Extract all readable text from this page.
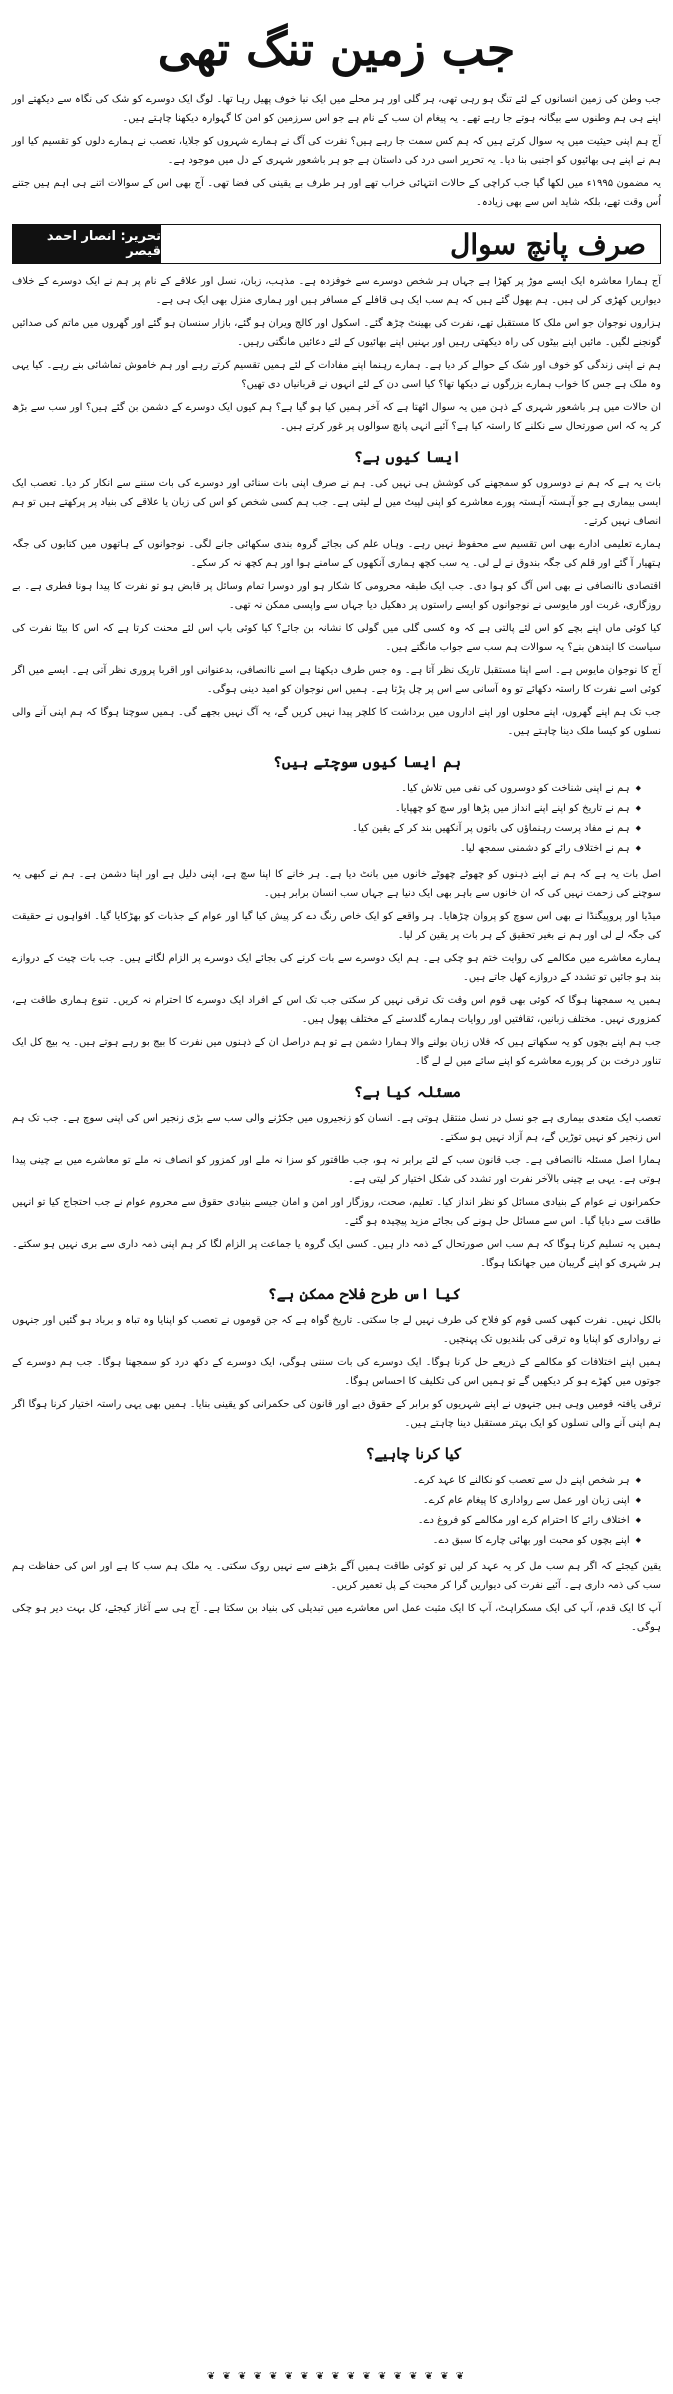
جب زمین تنگ تھی

جب وطن کی زمین انسانوں کے لئے تنگ ہو رہی تھی، ہر گلی اور ہر محلے میں ایک نیا خوف پھیل رہا تھا۔ لوگ ایک دوسرے کو شک کی نگاہ سے دیکھتے اور اپنے ہی ہم وطنوں سے بیگانہ ہوتے جا رہے تھے۔ یہ پیغام ان سب کے نام ہے جو اس سرزمین کو امن کا گہوارہ دیکھنا چاہتے ہیں۔

آج ہم اپنی حیثیت میں یہ سوال کرتے ہیں کہ ہم کس سمت جا رہے ہیں؟ نفرت کی آگ نے ہمارے شہروں کو جلایا، تعصب نے ہمارے دلوں کو تقسیم کیا اور ہم نے اپنے ہی بھائیوں کو اجنبی بنا دیا۔ یہ تحریر اسی درد کی داستان ہے جو ہر باشعور شہری کے دل میں موجود ہے۔

یہ مضمون ۱۹۹۵ء میں لکھا گیا جب کراچی کے حالات انتہائی خراب تھے اور ہر طرف بے یقینی کی فضا تھی۔ آج بھی اس کے سوالات اتنے ہی اہم ہیں جتنے اُس وقت تھے، بلکہ شاید اس سے بھی زیادہ۔

صرف پانچ سوال
تحریر: انصار احمد قیصر

آج ہمارا معاشرہ ایک ایسے موڑ پر کھڑا ہے جہاں ہر شخص دوسرے سے خوفزدہ ہے۔ مذہب، زبان، نسل اور علاقے کے نام پر ہم نے ایک دوسرے کے خلاف دیواریں کھڑی کر لی ہیں۔ ہم بھول گئے ہیں کہ ہم سب ایک ہی قافلے کے مسافر ہیں اور ہماری منزل بھی ایک ہی ہے۔

ہزاروں نوجوان جو اس ملک کا مستقبل تھے، نفرت کی بھینٹ چڑھ گئے۔ اسکول اور کالج ویران ہو گئے، بازار سنسان ہو گئے اور گھروں میں ماتم کی صدائیں گونجنے لگیں۔ مائیں اپنے بیٹوں کی راہ دیکھتی رہیں اور بہنیں اپنے بھائیوں کے لئے دعائیں مانگتی رہیں۔

ہم نے اپنی زندگی کو خوف اور شک کے حوالے کر دیا ہے۔ ہمارے رہنما اپنے مفادات کے لئے ہمیں تقسیم کرتے رہے اور ہم خاموش تماشائی بنے رہے۔ کیا یہی وہ ملک ہے جس کا خواب ہمارے بزرگوں نے دیکھا تھا؟ کیا اسی دن کے لئے انہوں نے قربانیاں دی تھیں؟

ان حالات میں ہر باشعور شہری کے ذہن میں یہ سوال اٹھتا ہے کہ آخر ہمیں کیا ہو گیا ہے؟ ہم کیوں ایک دوسرے کے دشمن بن گئے ہیں؟ اور سب سے بڑھ کر یہ کہ اس صورتحال سے نکلنے کا راستہ کیا ہے؟ آئیے انہی پانچ سوالوں پر غور کرتے ہیں۔

ایسا کیوں ہے؟

بات یہ ہے کہ ہم نے دوسروں کو سمجھنے کی کوشش ہی نہیں کی۔ ہم نے صرف اپنی بات سنائی اور دوسرے کی بات سننے سے انکار کر دیا۔ تعصب ایک ایسی بیماری ہے جو آہستہ آہستہ پورے معاشرے کو اپنی لپیٹ میں لے لیتی ہے۔ جب ہم کسی شخص کو اس کی زبان یا علاقے کی بنیاد پر پرکھتے ہیں تو ہم انصاف نہیں کرتے۔

ہمارے تعلیمی ادارے بھی اس تقسیم سے محفوظ نہیں رہے۔ وہاں علم کی بجائے گروہ بندی سکھائی جانے لگی۔ نوجوانوں کے ہاتھوں میں کتابوں کی جگہ ہتھیار آ گئے اور قلم کی جگہ بندوق نے لے لی۔ یہ سب کچھ ہماری آنکھوں کے سامنے ہوا اور ہم کچھ نہ کر سکے۔

اقتصادی ناانصافی نے بھی اس آگ کو ہوا دی۔ جب ایک طبقہ محرومی کا شکار ہو اور دوسرا تمام وسائل پر قابض ہو تو نفرت کا پیدا ہونا فطری ہے۔ بے روزگاری، غربت اور مایوسی نے نوجوانوں کو ایسے راستوں پر دھکیل دیا جہاں سے واپسی ممکن نہ تھی۔

کیا کوئی ماں اپنے بچے کو اس لئے پالتی ہے کہ وہ کسی گلی میں گولی کا نشانہ بن جائے؟ کیا کوئی باپ اس لئے محنت کرتا ہے کہ اس کا بیٹا نفرت کی سیاست کا ایندھن بنے؟ یہ سوالات ہم سب سے جواب مانگتے ہیں۔

آج کا نوجوان مایوس ہے۔ اسے اپنا مستقبل تاریک نظر آتا ہے۔ وہ جس طرف دیکھتا ہے اسے ناانصافی، بدعنوانی اور اقربا پروری نظر آتی ہے۔ ایسے میں اگر کوئی اسے نفرت کا راستہ دکھائے تو وہ آسانی سے اس پر چل پڑتا ہے۔ ہمیں اس نوجوان کو امید دینی ہوگی۔

جب تک ہم اپنے گھروں، اپنے محلوں اور اپنے اداروں میں برداشت کا کلچر پیدا نہیں کریں گے، یہ آگ نہیں بجھے گی۔ ہمیں سوچنا ہوگا کہ ہم اپنی آنے والی نسلوں کو کیسا ملک دینا چاہتے ہیں۔

ہم ایسا کیوں سوچتے ہیں؟
◆ ہم نے اپنی شناخت کو دوسروں کی نفی میں تلاش کیا۔
◆ ہم نے تاریخ کو اپنے اپنے انداز میں پڑھا اور سچ کو چھپایا۔
◆ ہم نے مفاد پرست رہنماؤں کی باتوں پر آنکھیں بند کر کے یقین کیا۔
◆ ہم نے اختلاف رائے کو دشمنی سمجھ لیا۔

اصل بات یہ ہے کہ ہم نے اپنے ذہنوں کو چھوٹے چھوٹے خانوں میں بانٹ دیا ہے۔ ہر خانے کا اپنا سچ ہے، اپنی دلیل ہے اور اپنا دشمن ہے۔ ہم نے کبھی یہ سوچنے کی زحمت نہیں کی کہ ان خانوں سے باہر بھی ایک دنیا ہے جہاں سب انسان برابر ہیں۔

میڈیا اور پروپیگنڈا نے بھی اس سوچ کو پروان چڑھایا۔ ہر واقعے کو ایک خاص رنگ دے کر پیش کیا گیا اور عوام کے جذبات کو بھڑکایا گیا۔ افواہوں نے حقیقت کی جگہ لے لی اور ہم نے بغیر تحقیق کے ہر بات پر یقین کر لیا۔

ہمارے معاشرے میں مکالمے کی روایت ختم ہو چکی ہے۔ ہم ایک دوسرے سے بات کرنے کی بجائے ایک دوسرے پر الزام لگاتے ہیں۔ جب بات چیت کے دروازے بند ہو جائیں تو تشدد کے دروازے کھل جاتے ہیں۔

ہمیں یہ سمجھنا ہوگا کہ کوئی بھی قوم اس وقت تک ترقی نہیں کر سکتی جب تک اس کے افراد ایک دوسرے کا احترام نہ کریں۔ تنوع ہماری طاقت ہے، کمزوری نہیں۔ مختلف زبانیں، ثقافتیں اور روایات ہمارے گلدستے کے مختلف پھول ہیں۔

جب ہم اپنے بچوں کو یہ سکھاتے ہیں کہ فلاں زبان بولنے والا ہمارا دشمن ہے تو ہم دراصل ان کے ذہنوں میں نفرت کا بیج بو رہے ہوتے ہیں۔ یہ بیج کل ایک تناور درخت بن کر پورے معاشرے کو اپنے سائے میں لے لے گا۔

مسئلہ کیا ہے؟

تعصب ایک متعدی بیماری ہے جو نسل در نسل منتقل ہوتی ہے۔ انسان کو زنجیروں میں جکڑنے والی سب سے بڑی زنجیر اس کی اپنی سوچ ہے۔ جب تک ہم اس زنجیر کو نہیں توڑیں گے، ہم آزاد نہیں ہو سکتے۔

ہمارا اصل مسئلہ ناانصافی ہے۔ جب قانون سب کے لئے برابر نہ ہو، جب طاقتور کو سزا نہ ملے اور کمزور کو انصاف نہ ملے تو معاشرے میں بے چینی پیدا ہوتی ہے۔ یہی بے چینی بالآخر نفرت اور تشدد کی شکل اختیار کر لیتی ہے۔

حکمرانوں نے عوام کے بنیادی مسائل کو نظر انداز کیا۔ تعلیم، صحت، روزگار اور امن و امان جیسے بنیادی حقوق سے محروم عوام نے جب احتجاج کیا تو انہیں طاقت سے دبایا گیا۔ اس سے مسائل حل ہونے کی بجائے مزید پیچیدہ ہو گئے۔

ہمیں یہ تسلیم کرنا ہوگا کہ ہم سب اس صورتحال کے ذمہ دار ہیں۔ کسی ایک گروہ یا جماعت پر الزام لگا کر ہم اپنی ذمہ داری سے بری نہیں ہو سکتے۔ ہر شہری کو اپنے گریبان میں جھانکنا ہوگا۔

کیا اس طرح فلاح ممکن ہے؟

بالکل نہیں۔ نفرت کبھی کسی قوم کو فلاح کی طرف نہیں لے جا سکتی۔ تاریخ گواہ ہے کہ جن قوموں نے تعصب کو اپنایا وہ تباہ و برباد ہو گئیں اور جنہوں نے رواداری کو اپنایا وہ ترقی کی بلندیوں تک پہنچیں۔

ہمیں اپنے اختلافات کو مکالمے کے ذریعے حل کرنا ہوگا۔ ایک دوسرے کی بات سننی ہوگی، ایک دوسرے کے دکھ درد کو سمجھنا ہوگا۔ جب ہم دوسرے کے جوتوں میں کھڑے ہو کر دیکھیں گے تو ہمیں اس کی تکلیف کا احساس ہوگا۔

ترقی یافتہ قومیں وہی ہیں جنہوں نے اپنے شہریوں کو برابر کے حقوق دیے اور قانون کی حکمرانی کو یقینی بنایا۔ ہمیں بھی یہی راستہ اختیار کرنا ہوگا اگر ہم اپنی آنے والی نسلوں کو ایک بہتر مستقبل دینا چاہتے ہیں۔

کیا کرنا چاہیے؟
◆ ہر شخص اپنے دل سے تعصب کو نکالنے کا عہد کرے۔
◆ اپنی زبان اور عمل سے رواداری کا پیغام عام کرے۔
◆ اختلاف رائے کا احترام کرے اور مکالمے کو فروغ دے۔
◆ اپنے بچوں کو محبت اور بھائی چارے کا سبق دے۔

یقین کیجئے کہ اگر ہم سب مل کر یہ عہد کر لیں تو کوئی طاقت ہمیں آگے بڑھنے سے نہیں روک سکتی۔ یہ ملک ہم سب کا ہے اور اس کی حفاظت ہم سب کی ذمہ داری ہے۔ آئیے نفرت کی دیواریں گرا کر محبت کے پل تعمیر کریں۔

آپ کا ایک قدم، آپ کی ایک مسکراہٹ، آپ کا ایک مثبت عمل اس معاشرے میں تبدیلی کی بنیاد بن سکتا ہے۔ آج ہی سے آغاز کیجئے، کل بہت دیر ہو چکی ہوگی۔

❦ ❦ ❦ ❦ ❦ ❦ ❦ ❦ ❦ ❦ ❦ ❦ ❦ ❦ ❦ ❦ ❦
